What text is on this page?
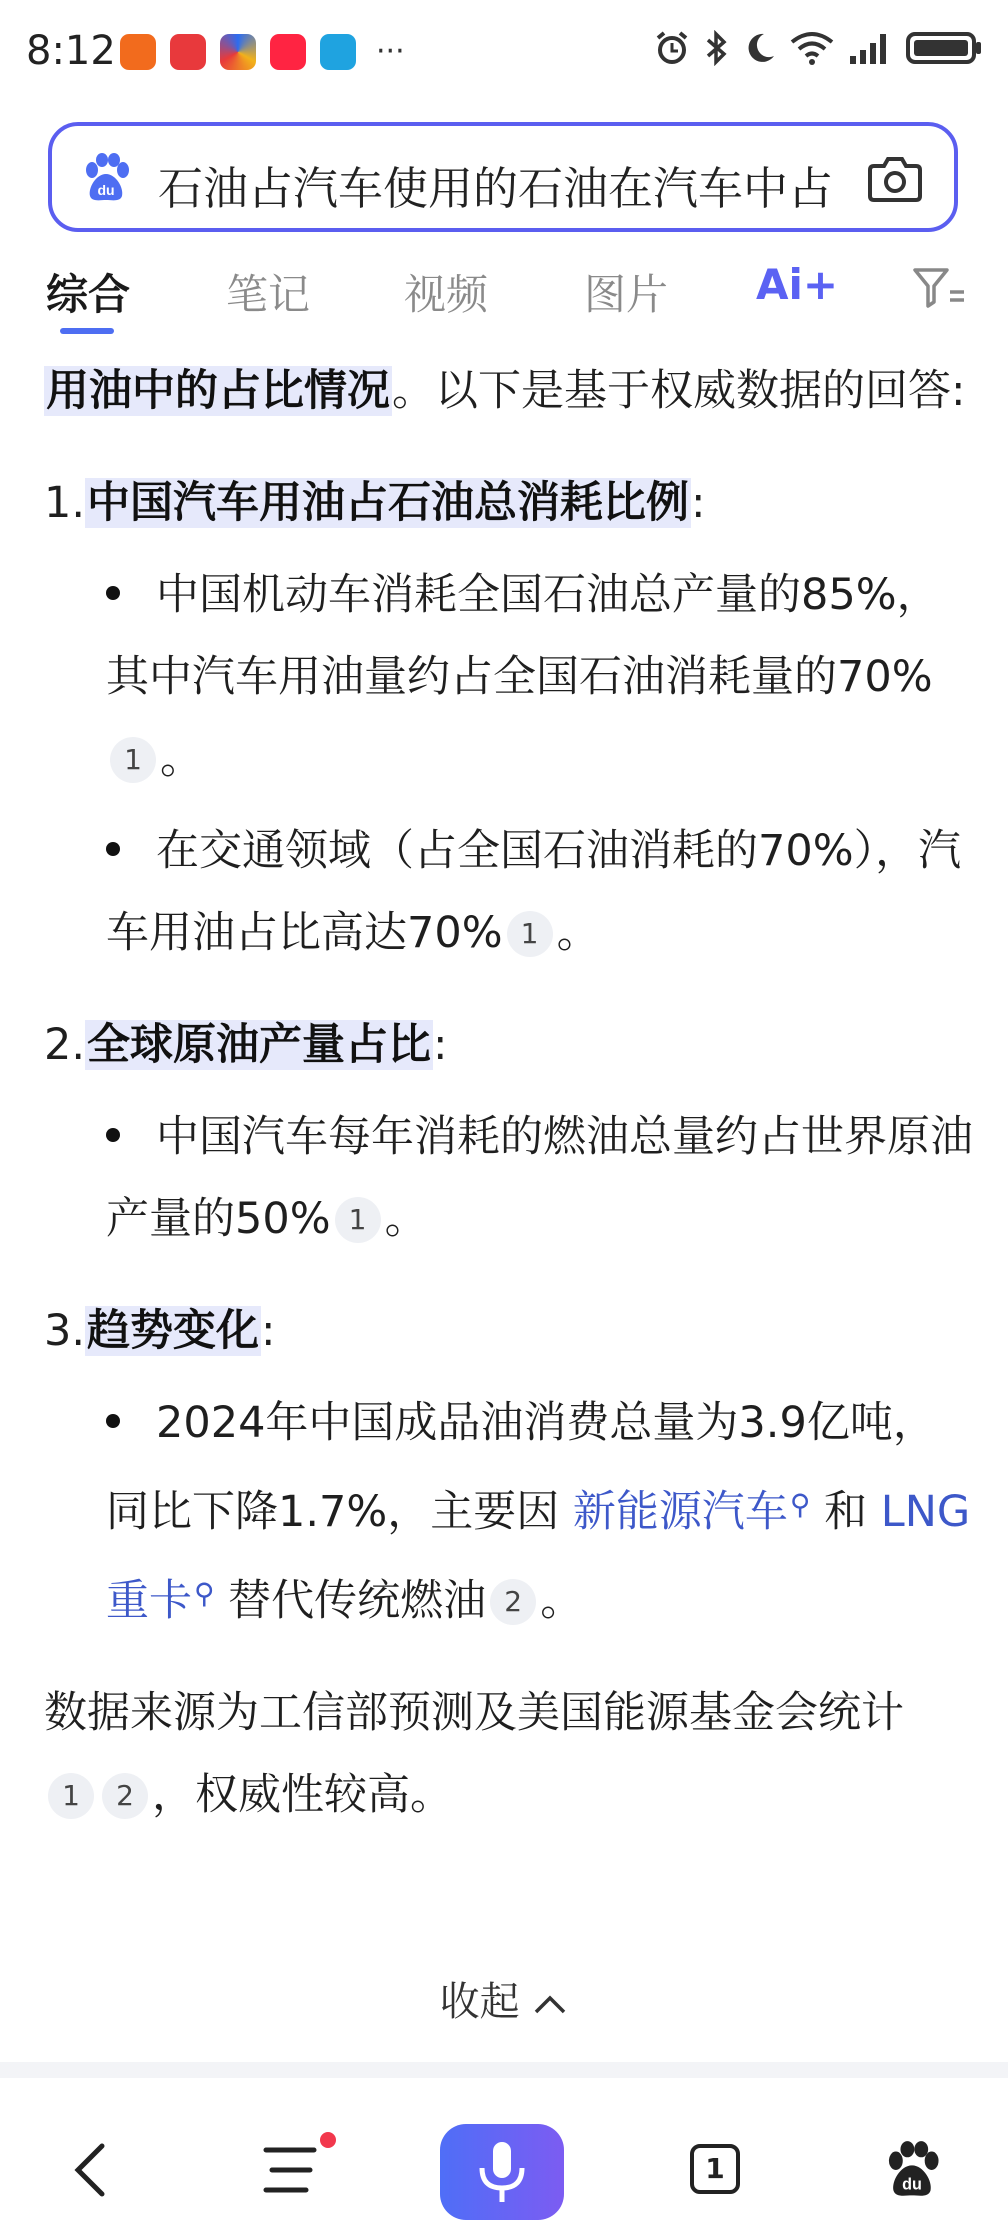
8:12	···
du 石油占汽车使用的石油在汽车中占
综合 笔记 视频 图片 Ai+

用油中的占比情况。以下是基于权威数据的回答:

1.中国汽车用油占石油总消耗比例:
中国机动车消耗全国石油总产量的85%，其中汽车用油量约占全国石油消耗量的70%1 。
在交通领域（占全国石油消耗的70%），汽车用油占比高达70% 1 。
2.全球原油产量占比:
中国汽车每年消耗的燃油总量约占世界原油产量的50% 1 。
3.趋势变化:
2024年中国成品油消费总量为3.9亿吨，同比下降1.7%，主要因 新能源汽车⚲ 和 LNG重卡⚲ 替代传统燃油 2 。

数据来源为工信部预测及美国能源基金会统计
1 2 ，权威性较高。

收起
1	du
